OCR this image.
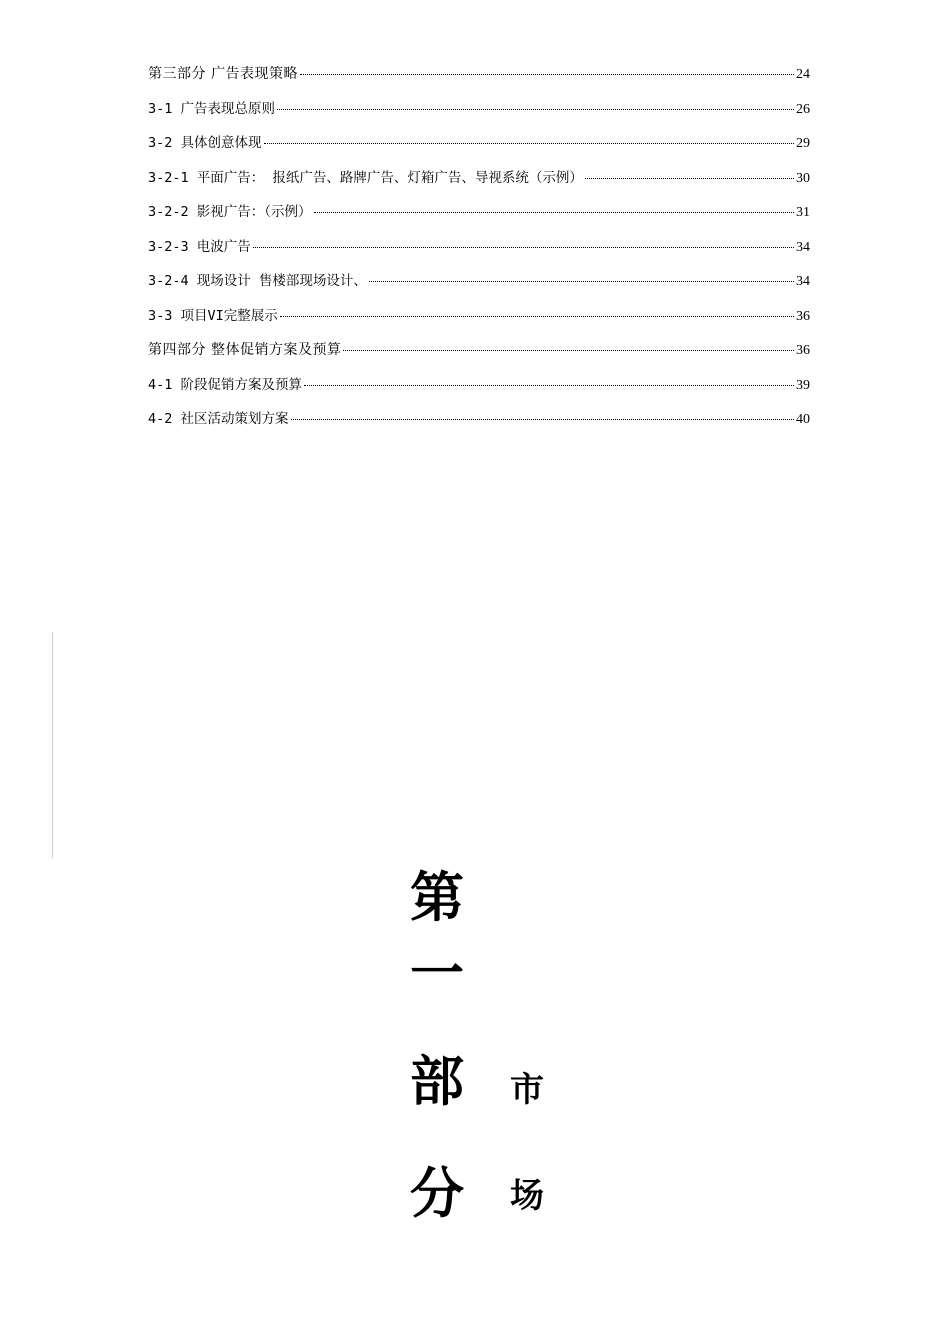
第三部分 广告表现策略	24
3-1 广告表现总原则	26
3-2 具体创意体现	29
3-2-1 平面广告： 报纸广告、路牌广告、灯箱广告、导视系统（示例）	30
3-2-2 影视广告：（示例）	31
3-2-3 电波广告	34
3-2-4 现场设计 售楼部现场设计、	34
3-3 项目VI完整展示	36
第四部分 整体促销方案及预算	36
4-1 阶段促销方案及预算	39
4-2 社区活动策划方案	40
第
一
部
分
市
场
